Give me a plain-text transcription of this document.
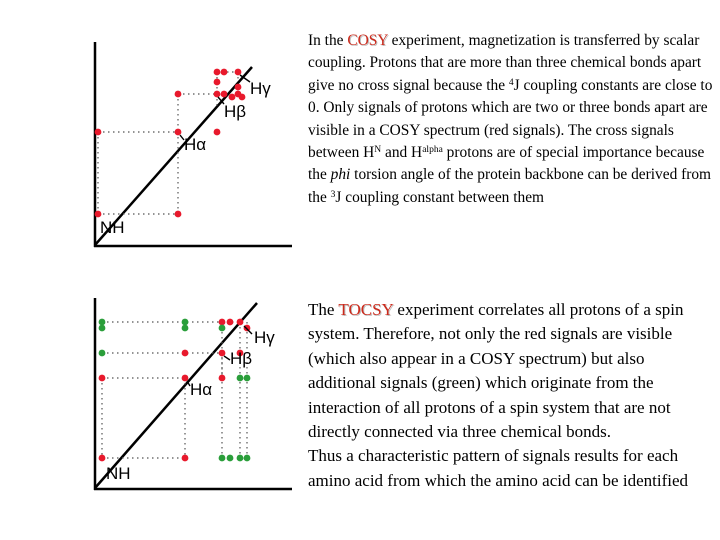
NH
Hα
Hβ
Hγ
NH
Hα
Hβ
Hγ

In the COSY experiment, magnetization is transferred by scalar coupling. Protons that are more than three chemical bonds apart give no cross signal because the $^4$J coupling constants are close to 0. Only signals of protons which are two or three bonds apart are visible in a COSY spectrum (red signals). The cross signals between $H^N$ and $H^{alpha}$ protons are of special importance because the phi torsion angle of the protein backbone can be derived from the $^3$J coupling constant between them

The TOCSY experiment correlates all protons of a spin system. Therefore, not only the red signals are visible (which also appear in a COSY spectrum) but also additional signals (green) which originate from the interaction of all protons of a spin system that are not directly connected via three chemical bonds.
Thus a characteristic pattern of signals results for each amino acid from which the amino acid can be identified
